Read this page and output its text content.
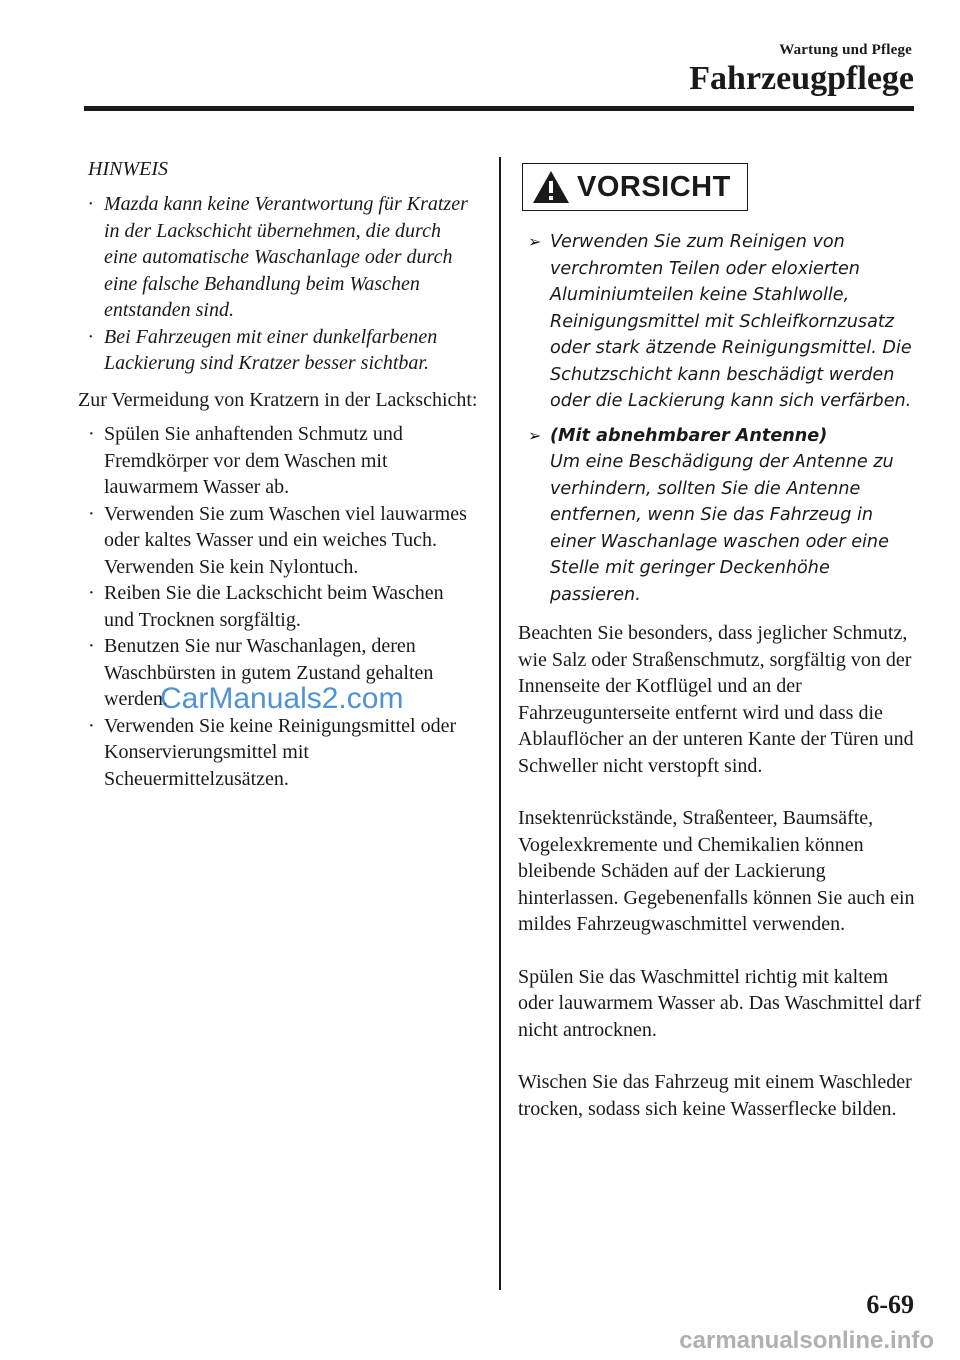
Wartung und Pflege
Fahrzeugpflege
HINWEIS
· Mazda kann keine Verantwortung für Kratzer in der Lackschicht übernehmen, die durch eine automatische Waschanlage oder durch eine falsche Behandlung beim Waschen entstanden sind.
· Bei Fahrzeugen mit einer dunkelfarbenen Lackierung sind Kratzer besser sichtbar.
Zur Vermeidung von Kratzern in der Lackschicht:
· Spülen Sie anhaftenden Schmutz und Fremdkörper vor dem Waschen mit lauwarmem Wasser ab.
· Verwenden Sie zum Waschen viel lauwarmes oder kaltes Wasser und ein weiches Tuch. Verwenden Sie kein Nylontuch.
· Reiben Sie die Lackschicht beim Waschen und Trocknen sorgfältig.
· Benutzen Sie nur Waschanlagen, deren Waschbürsten in gutem Zustand gehalten werden.
· Verwenden Sie keine Reinigungsmittel oder Konservierungsmittel mit Scheuermittelzusätzen.
CarManuals2.com
VORSICHT
➢ Verwenden Sie zum Reinigen von verchromten Teilen oder eloxierten Aluminiumteilen keine Stahlwolle, Reinigungsmittel mit Schleifkornzusatz oder stark ätzende Reinigungsmittel. Die Schutzschicht kann beschädigt werden oder die Lackierung kann sich verfärben.
➢ (Mit abnehmbarer Antenne)
Um eine Beschädigung der Antenne zu verhindern, sollten Sie die Antenne entfernen, wenn Sie das Fahrzeug in einer Waschanlage waschen oder eine Stelle mit geringer Deckenhöhe passieren.
Beachten Sie besonders, dass jeglicher Schmutz, wie Salz oder Straßenschmutz, sorgfältig von der Innenseite der Kotflügel und an der Fahrzeugunterseite entfernt wird und dass die Ablauflöcher an der unteren Kante der Türen und Schweller nicht verstopft sind.
Insektenrückstände, Straßenteer, Baumsäfte, Vogelexkremente und Chemikalien können bleibende Schäden auf der Lackierung hinterlassen. Gegebenenfalls können Sie auch ein mildes Fahrzeugwaschmittel verwenden.
Spülen Sie das Waschmittel richtig mit kaltem oder lauwarmem Wasser ab. Das Waschmittel darf nicht antrocknen.
Wischen Sie das Fahrzeug mit einem Waschleder trocken, sodass sich keine Wasserflecke bilden.
6-69
carmanualsonline.info
